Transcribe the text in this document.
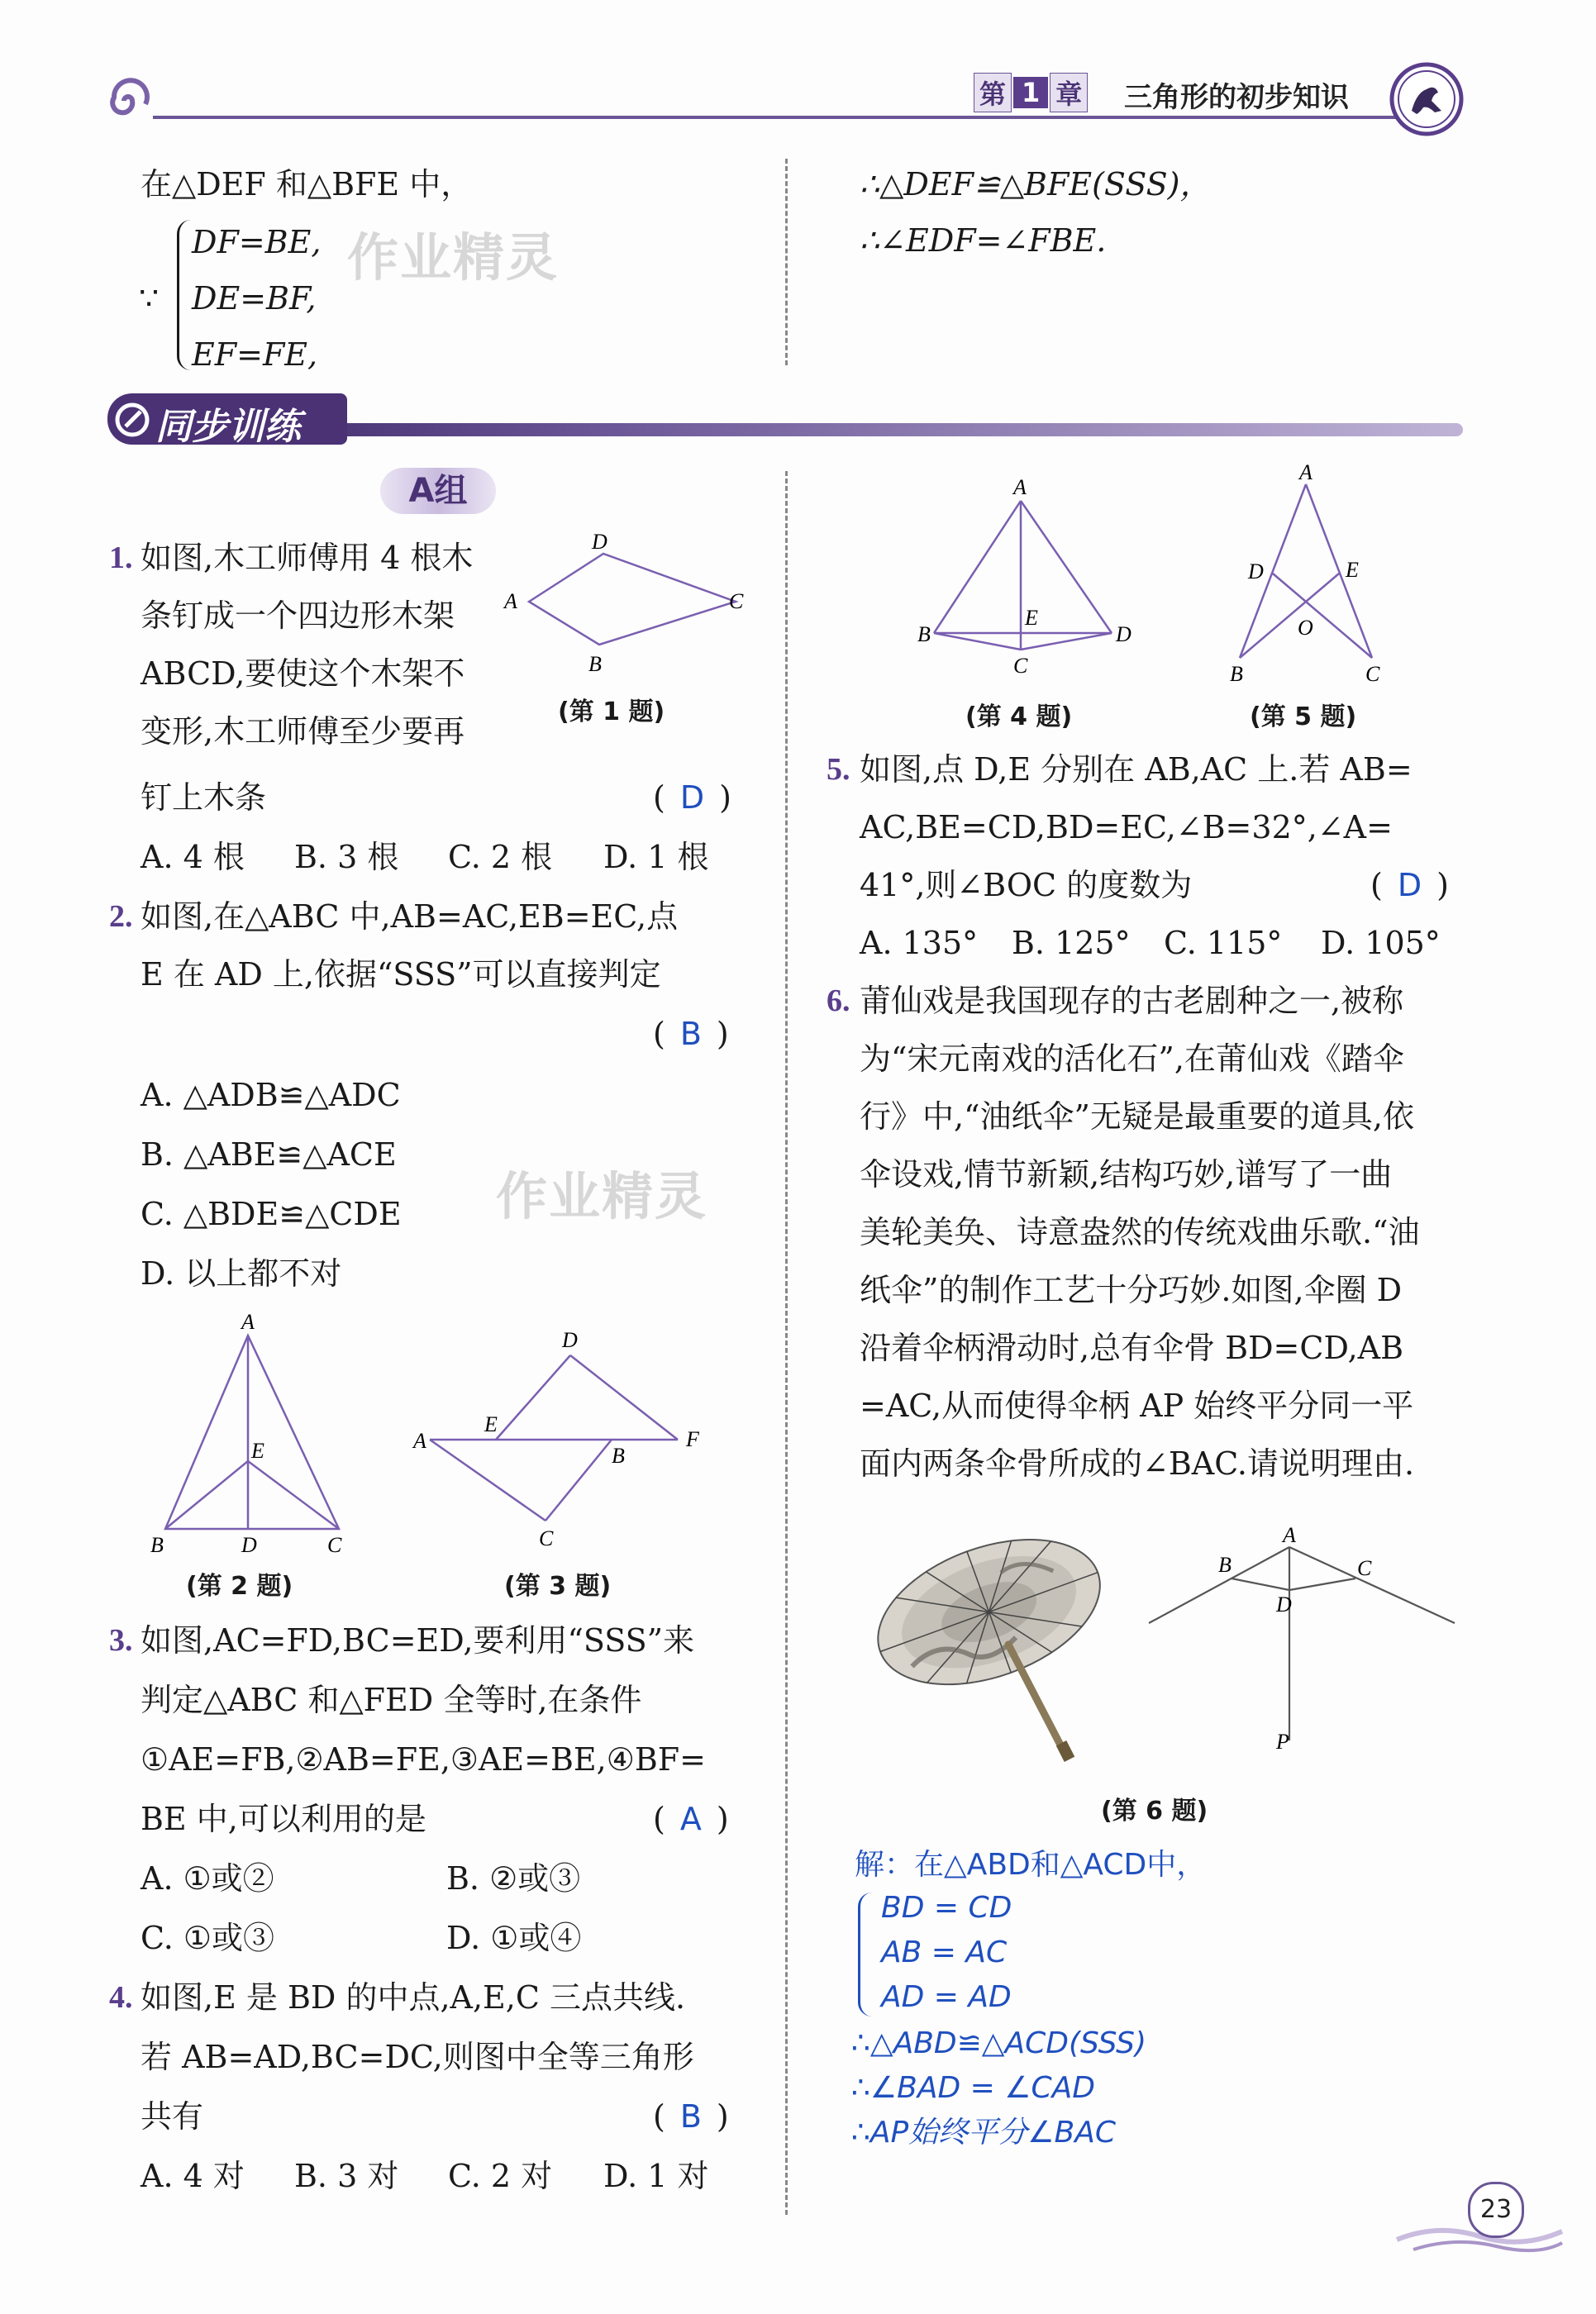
第 1 章 三角形的初步知识
在△DEF 和△BFE 中，
∵
DF=BE,
DE=BF,
EF=FE,
作业精灵
∴△DEF≌△BFE(SSS)，
∴∠EDF=∠FBE.
同步训练
A组
1. 如图,木工师傅用 4 根木
条钉成一个四边形木架
ABCD,要使这个木架不
变形,木工师傅至少要再
钉上木条	( D )
A. 4 根 B. 3 根 C. 2 根 D. 1 根
A
B
C
D
(第 1 题)
2. 如图,在△ABC 中,AB=AC,EB=EC,点
E 在 AD 上,依据“SSS”可以直接判定
( B )
A. △ADB≌△ADC
B. △ABE≌△ACE
C. △BDE≌△CDE
D. 以上都不对
作业精灵
A
E
B	D	C
(第 2 题)
D
E
A
B
F
C
(第 3 题)
3. 如图,AC=FD,BC=ED,要利用“SSS”来
判定△ABC 和△FED 全等时,在条件
①AE=FB,②AB=FE,③AE=BE,④BF=
BE 中,可以利用的是	( A )
A. ①或②	B. ②或③
C. ①或③	D. ①或④
4. 如图,E 是 BD 的中点,A,E,C 三点共线.
若 AB=AD,BC=DC,则图中全等三角形
共有	( B )
A. 4 对 B. 3 对 C. 2 对 D. 1 对
A
B
E
D
C
(第 4 题)
A
D	E
O
B	C
(第 5 题)
5. 如图,点 D,E 分别在 AB,AC 上.若 AB=
AC,BE=CD,BD=EC,∠B=32°,∠A=
41°,则∠BOC 的度数为	( D )
A. 135° B. 125° C. 115° D. 105°
6. 莆仙戏是我国现存的古老剧种之一,被称
为“宋元南戏的活化石”,在莆仙戏《踏伞
行》中,“油纸伞”无疑是最重要的道具,依
伞设戏,情节新颖,结构巧妙,谱写了一曲
美轮美奂、诗意盎然的传统戏曲乐歌.“油
纸伞”的制作工艺十分巧妙.如图,伞圈 D
沿着伞柄滑动时,总有伞骨 BD=CD,AB
=AC,从而使得伞柄 AP 始终平分同一平
面内两条伞骨所成的∠BAC.请说明理由.
A
B	C
D
P
(第 6 题)
解：在△ABD和△ACD中，
BD = CD
AB = AC
AD = AD
∴△ABD≌△ACD(SSS)
∴∠BAD = ∠CAD
∴AP始终平分∠BAC
23
